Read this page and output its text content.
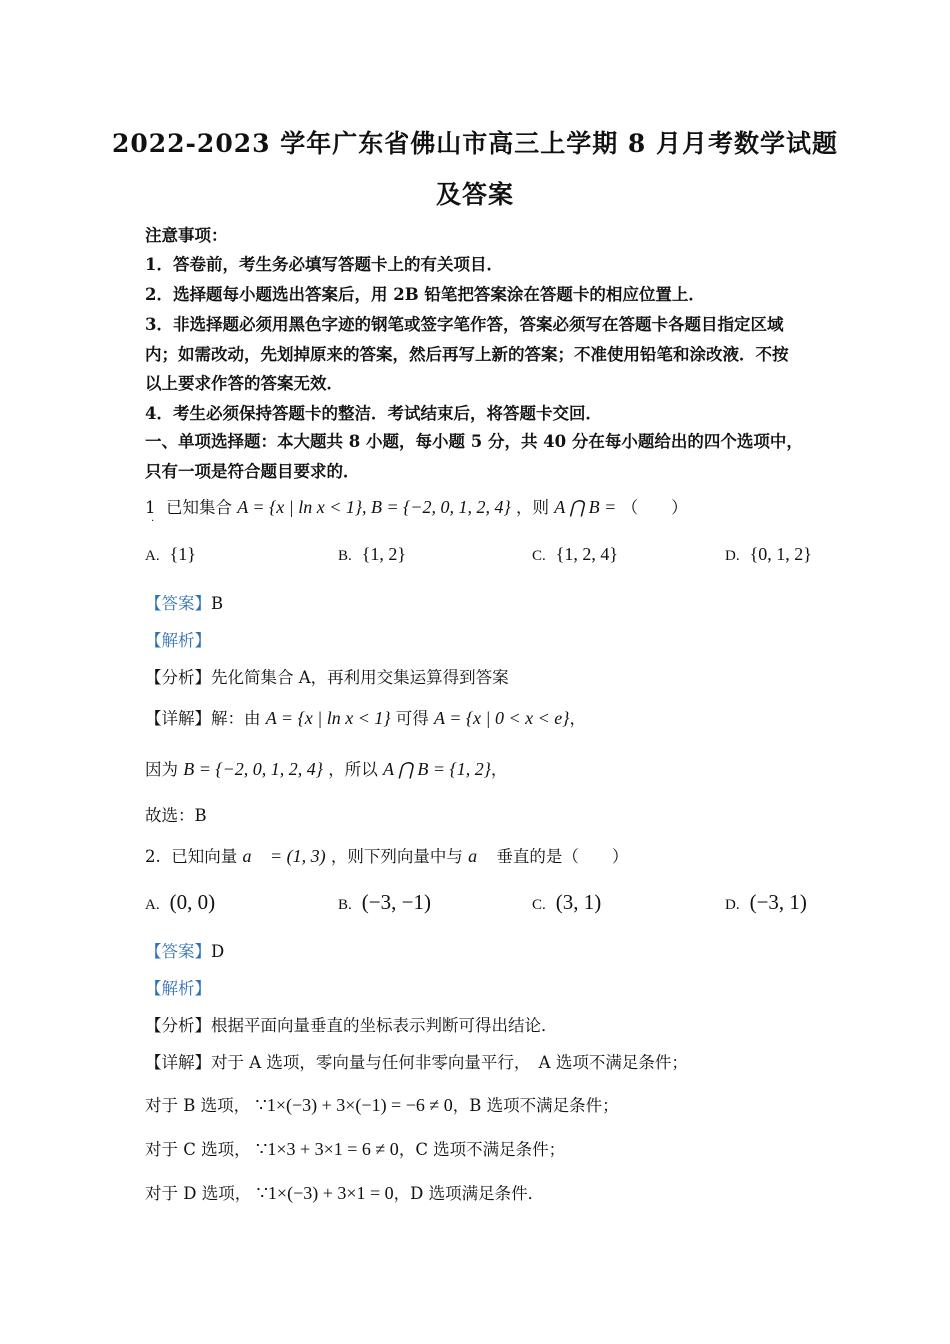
2022-2023 学年广东省佛山市高三上学期 8 月月考数学试题
及答案
注意事项：
1．答卷前，考生务必填写答题卡上的有关项目．
2．选择题每小题选出答案后，用 2B 铅笔把答案涂在答题卡的相应位置上．
3．非选择题必须用黑色字迹的钢笔或签字笔作答，答案必须写在答题卡各题目指定区域
内；如需改动，先划掉原来的答案，然后再写上新的答案；不准使用铅笔和涂改液．不按
以上要求作答的答案无效．
4．考生必须保持答题卡的整洁．考试结束后，将答题卡交回．
一、单项选择题：本大题共 8 小题，每小题 5 分，共 40 分在每小题给出的四个选项中，
只有一项是符合题目要求的．
1 已知集合 A = {x | ln x < 1}, B = {−2, 0, 1, 2, 4} ，则 A ⋂ B = （　　）
·
A. {1}	B. {1, 2}	C. {1, 2, 4}	D. {0, 1, 2}
【答案】B
【解析】
【分析】先化简集合 A，再利用交集运算得到答案
【详解】解：由 A = {x | ln x < 1} 可得 A = {x | 0 < x < e}，
因为 B = {−2, 0, 1, 2, 4} ，所以 A ⋂ B = {1, 2}，
故选：B
2. 已知向量 a⃗ = (1, 3) ，则下列向量中与 a⃗ 垂直的是（　　）
A. (0, 0)	B. (−3, −1)	C. (3, 1)	D. (−3, 1)
【答案】D
【解析】
【分析】根据平面向量垂直的坐标表示判断可得出结论．
【详解】对于 A 选项，零向量与任何非零向量平行，　A 选项不满足条件；
对于 B 选项， ∵1×(−3) + 3×(−1) = −6 ≠ 0，B 选项不满足条件；
对于 C 选项， ∵1×3 + 3×1 = 6 ≠ 0，C 选项不满足条件；
对于 D 选项， ∵1×(−3) + 3×1 = 0，D 选项满足条件．
